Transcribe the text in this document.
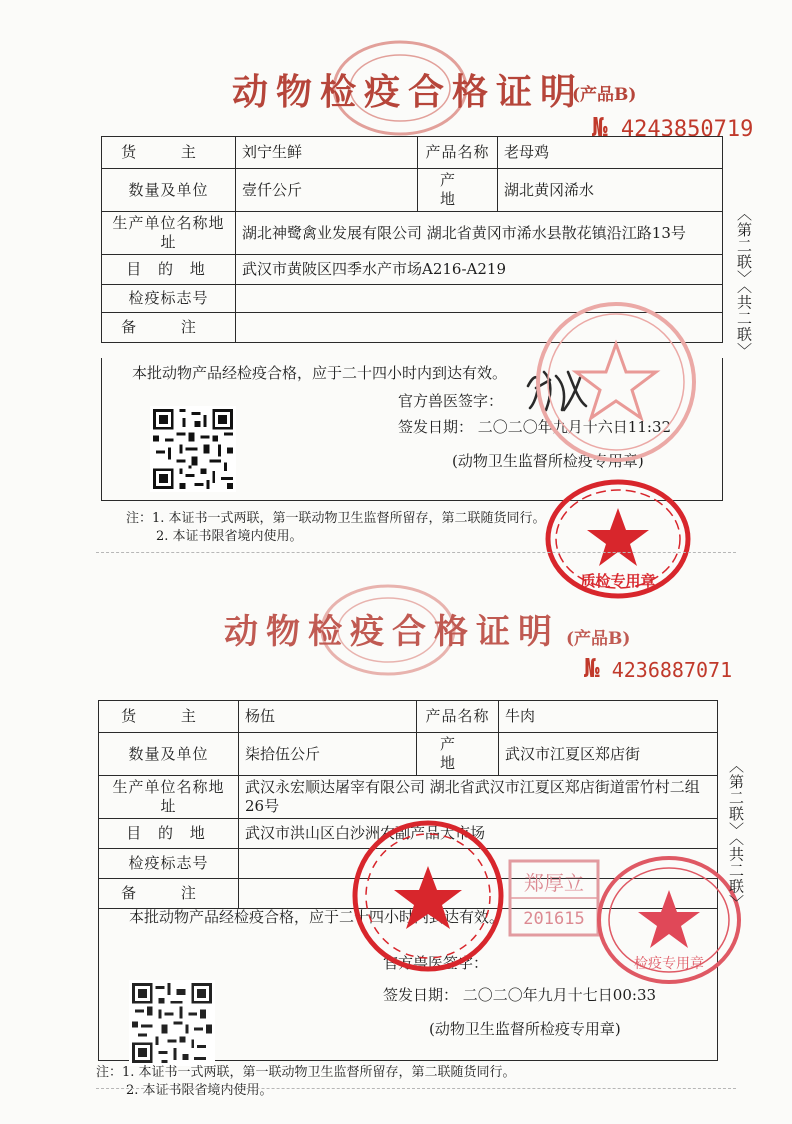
动物检疫合格证明
(产品B)
№ 4243850719
货 主	刘宁生鲜	产品名称	老母鸡
数量及单位	壹仟公斤	产 地	湖北黄冈浠水
生产单位名称地址	湖北神鹭禽业发展有限公司 湖北省黄冈市浠水县散花镇沿江路13号		
目 的 地	武汉市黄陂区四季水产市场A216-A219		
检疫标志号			
备 注			
本批动物产品经检疫合格，应于二十四小时内到达有效。
官方兽医签字：
签发日期： 二〇二〇年九月十六日11:32
(动物卫生监督所检疫专用章)
注：1. 本证书一式两联，第一联动物卫生监督所留存，第二联随货同行。
2. 本证书限省境内使用。
〈第二联〉〈共二联〉
质检专用章
动物检疫合格证明 (产品B)
№ 4236887071
货 主	杨伍	产品名称	牛肉
数量及单位	柒拾伍公斤	产 地	武汉市江夏区郑店街
生产单位名称地址	武汉永宏顺达屠宰有限公司 湖北省武汉市江夏区郑店街道雷竹村二组26号		
目 的 地	武汉市洪山区白沙洲农副产品大市场		
检疫标志号			
备 注			
本批动物产品经检疫合格，应于二十四小时内到达有效。
官方兽医签字：
签发日期： 二〇二〇年九月十七日00:33
(动物卫生监督所检疫专用章)
郑厚立
201615
检疫专用章
注：1. 本证书一式两联，第一联动物卫生监督所留存，第二联随货同行。
2. 本证书限省境内使用。
〈第二联〉〈共二联〉
